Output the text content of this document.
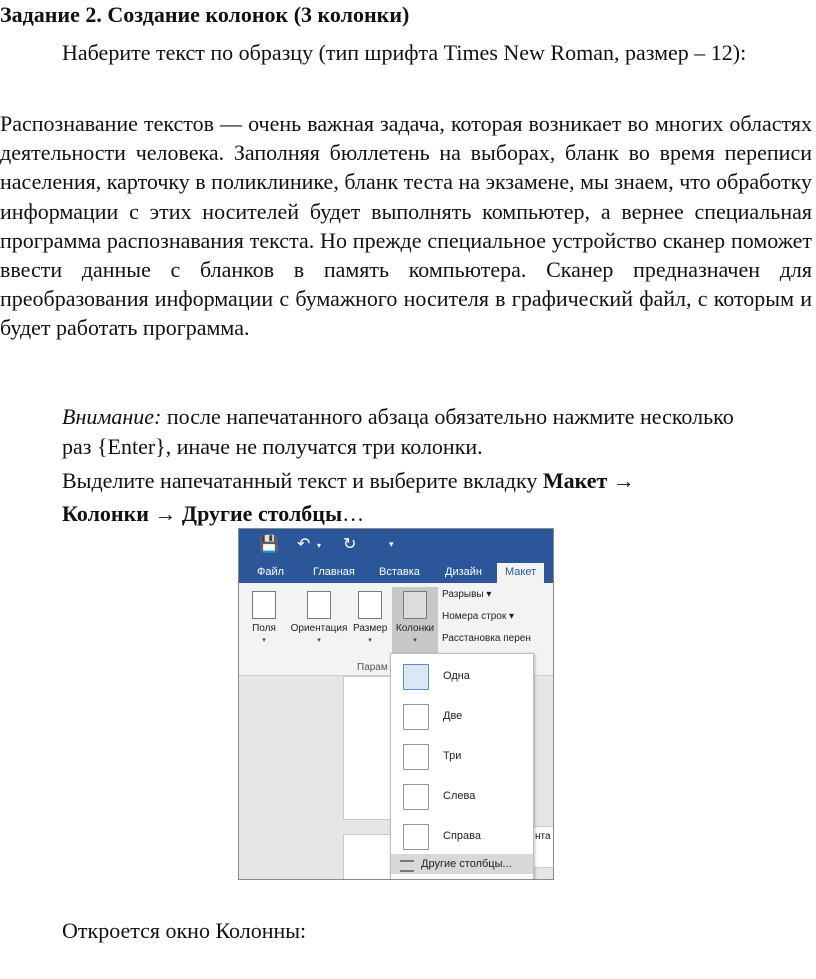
Задание 2. Создание колонок (3 колонки)
Наберите текст по образцу (тип шрифта Times New Roman, размер – 12):
Распознавание текстов — очень важная задача, которая возникает во многих областях деятельности человека. Заполняя бюллетень на выборах, бланк во время переписи населения, карточку в поликлинике, бланк теста на экзамене, мы знаем, что обработку информации с этих носителей будет выполнять компьютер, а вернее специальная программа распознавания текста. Но прежде специальное устройство сканер поможет ввести данные с бланков в память компьютера. Сканер предназначен для преобразования информации с бумажного носителя в графический файл, с которым и будет работать программа.
Внимание: после напечатанного абзаца обязательно нажмите несколько
раз {Enter}, иначе не получатся три колонки.
Выделите напечатанный текст и выберите вкладку Макет →
Колонки → Другие столбцы…
💾 ↶ ▾ ↻	▾
Файл	Главная Вставка Дизайн	Макет
Поля
▾
Ориентация
▾
Размер
▾
Колонки
▾
Разрывы ▾
Номера строк ▾
Расстановка перен
Парам
нта
Одна
Две
Три
Слева
Справа
Другие столбцы...
Откроется окно Колонны:
